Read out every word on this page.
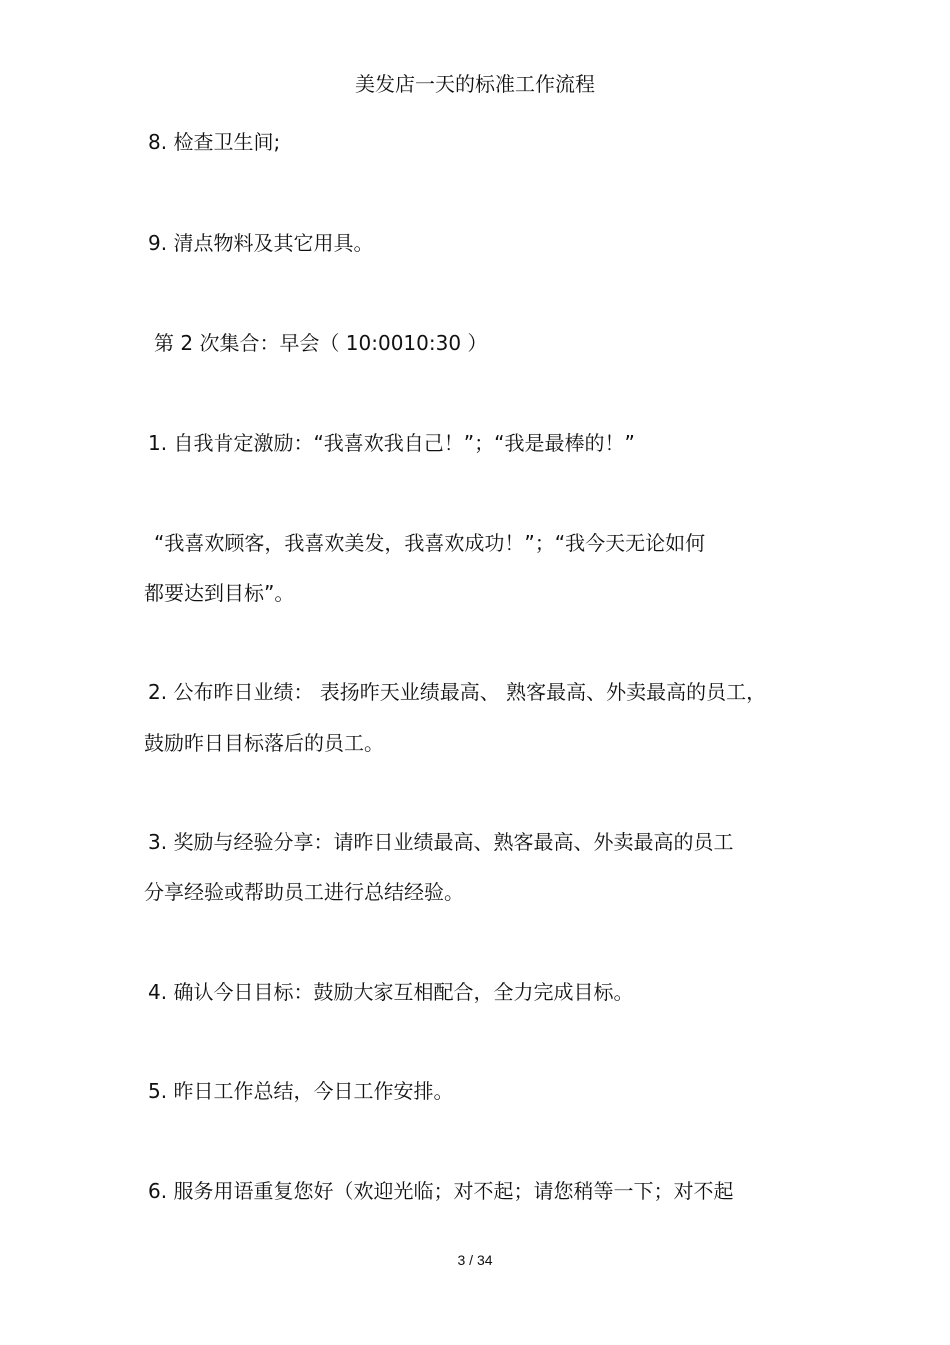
美发店一天的标准工作流程
8. 检查卫生间;
9. 清点物料及其它用具。
第 2 次集合：早会（ 10:0010:30 ）
1. 自我肯定激励：“我喜欢我自己！”；“我是最棒的！”
“我喜欢顾客，我喜欢美发，我喜欢成功！”；“我今天无论如何
都要达到目标”。
2. 公布昨日业绩： 表扬昨天业绩最高、 熟客最高、外卖最高的员工，
鼓励昨日目标落后的员工。
3. 奖励与经验分享：请昨日业绩最高、熟客最高、外卖最高的员工
分享经验或帮助员工进行总结经验。
4. 确认今日目标：鼓励大家互相配合，全力完成目标。
5. 昨日工作总结，今日工作安排。
6. 服务用语重复您好（欢迎光临；对不起；请您稍等一下；对不起
3 / 34
